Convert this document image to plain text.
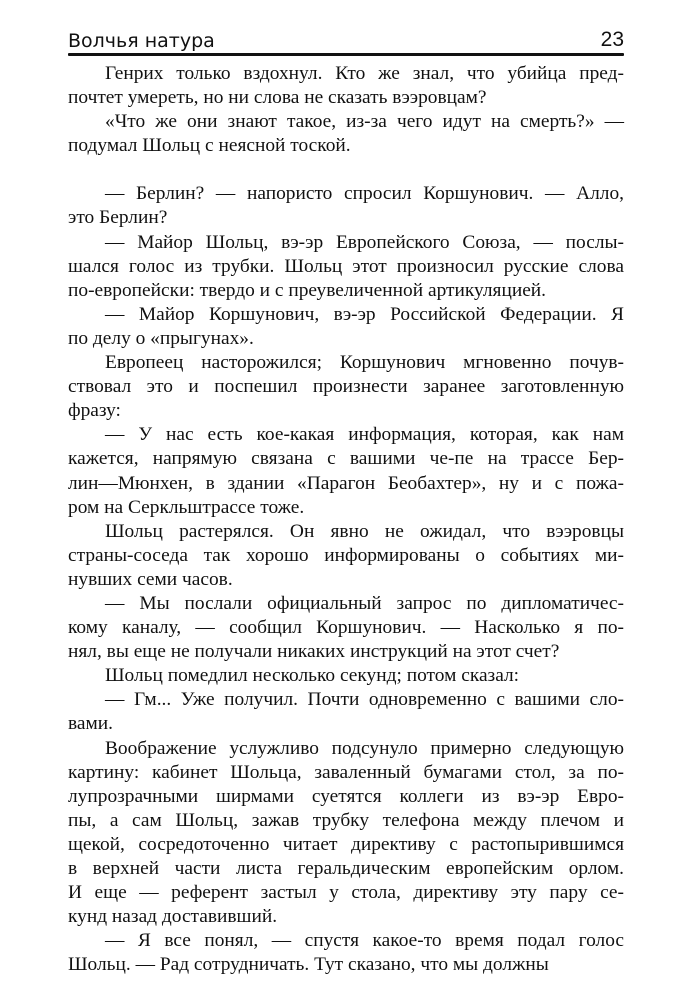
Волчья натура	23

Генрих только вздохнул. Кто же знал, что убийца пред-
почтет умереть, но ни слова не сказать вээровцам?

«Что же они знают такое, из-за чего идут на смерть?» —
подумал Шольц с неясной тоской.

— Берлин? — напористо спросил Коршунович. — Алло,
это Берлин?

— Майор Шольц, вэ-эр Европейского Союза, — послы-
шался голос из трубки. Шольц этот произносил русские слова
по-европейски: твердо и с преувеличенной артикуляцией.

— Майор Коршунович, вэ-эр Российской Федерации. Я
по делу о «прыгунах».

Европеец насторожился; Коршунович мгновенно почув-
ствовал это и поспешил произнести заранее заготовленную
фразу:

— У нас есть кое-какая информация, которая, как нам
кажется, напрямую связана с вашими че-пе на трассе Бер-
лин—Мюнхен, в здании «Парагон Беобахтер», ну и с пожа-
ром на Серкльштрассе тоже.

Шольц растерялся. Он явно не ожидал, что вээровцы
страны-соседа так хорошо информированы о событиях ми-
нувших семи часов.

— Мы послали официальный запрос по дипломатичес-
кому каналу, — сообщил Коршунович. — Насколько я по-
нял, вы еще не получали никаких инструкций на этот счет?

Шольц помедлил несколько секунд; потом сказал:

— Гм... Уже получил. Почти одновременно с вашими сло-
вами.

Воображение услужливо подсунуло примерно следующую
картину: кабинет Шольца, заваленный бумагами стол, за по-
лупрозрачными ширмами суетятся коллеги из вэ-эр Евро-
пы, а сам Шольц, зажав трубку телефона между плечом и
щекой, сосредоточенно читает директиву с растопырившимся
в верхней части листа геральдическим европейским орлом.
И еще — референт застыл у стола, директиву эту пару се-
кунд назад доставивший.

— Я все понял, — спустя какое-то время подал голос
Шольц. — Рад сотрудничать. Тут сказано, что мы должны
